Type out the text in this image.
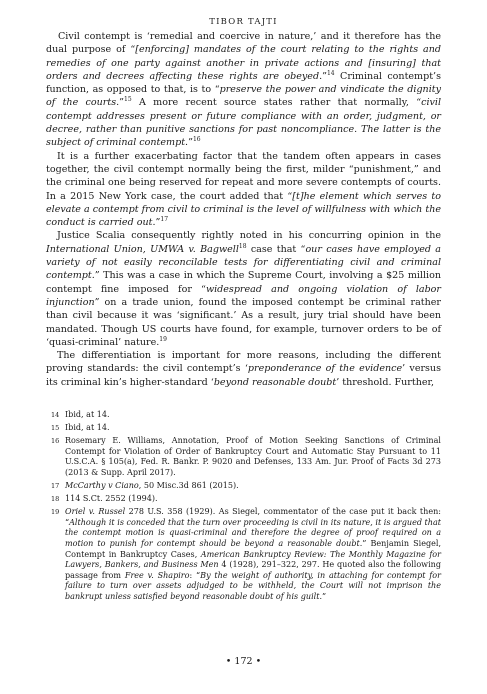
TIBOR TAJTI

Civil contempt is ‘remedial and coercive in nature,’ and it therefore has the dual purpose of “[enforcing] mandates of the court relating to the rights and remedies of one party against another in private actions and [insuring] that orders and decrees affecting these rights are obeyed.”$^{14}$ Criminal contempt’s function, as opposed to that, is to “preserve the power and vindicate the dignity of the courts.”$^{15}$ A more recent source states rather that normally, “civil contempt addresses present or future compliance with an order, judgment, or decree, rather than punitive sanctions for past noncompliance. The latter is the subject of criminal contempt.”$^{16}$

It is a further exacerbating factor that the tandem often appears in cases together, the civil contempt normally being the first, milder “punishment,” and the criminal one being reserved for repeat and more severe contempts of courts. In a 2015 New York case, the court added that “[t]he element which serves to elevate a contempt from civil to criminal is the level of willfulness with which the conduct is carried out.”$^{17}$

Justice Scalia consequently rightly noted in his concurring opinion in the International Union, UMWA v. Bagwell$^{18}$ case that “our cases have employed a variety of not easily reconcilable tests for differentiating civil and criminal contempt.” This was a case in which the Supreme Court, involving a $25 million contempt fine imposed for “widespread and ongoing violation of labor injunction” on a trade union, found the imposed contempt be criminal rather than civil because it was ‘significant.’ As a result, jury trial should have been mandated. Though US courts have found, for example, turnover orders to be of ‘quasi-criminal’ nature.$^{19}$

The differentiation is important for more reasons, including the different proving standards: the civil contempt’s ‘preponderance of the evidence’ versus its criminal kin’s higher-standard ‘beyond reasonable doubt’ threshold. Further,

14 Ibid, at 14.
15 Ibid, at 14.
16 Rosemary E. Williams, Annotation, Proof of Motion Seeking Sanctions of Criminal Contempt for Violation of Order of Bankruptcy Court and Automatic Stay Pursuant to 11 U.S.C.A. § 105(a), Fed. R. Bankr. P. 9020 and Defenses, 133 Am. Jur. Proof of Facts 3d 273 (2013 & Supp. April 2017).
17 McCarthy v Ciano, 50 Misc.3d 861 (2015).
18 114 S.Ct. 2552 (1994).
19 Oriel v. Russel 278 U.S. 358 (1929). As Siegel, commentator of the case put it back then: “Although it is conceded that the turn over proceeding is civil in its nature, it is argued that the contempt motion is quasi-criminal and therefore the degree of proof required on a motion to punish for contempt should be beyond a reasonable doubt.” Benjamin Siegel, Contempt in Bankruptcy Cases, American Bankruptcy Review: The Monthly Magazine for Lawyers, Bankers, and Business Men 4 (1928), 291–322, 297. He quoted also the following passage from Free v. Shapiro: “By the weight of authority, in attaching for contempt for failure to turn over assets adjudged to be withheld, the Court will not imprison the bankrupt unless satisfied beyond reasonable doubt of his guilt.”
• 172 •
